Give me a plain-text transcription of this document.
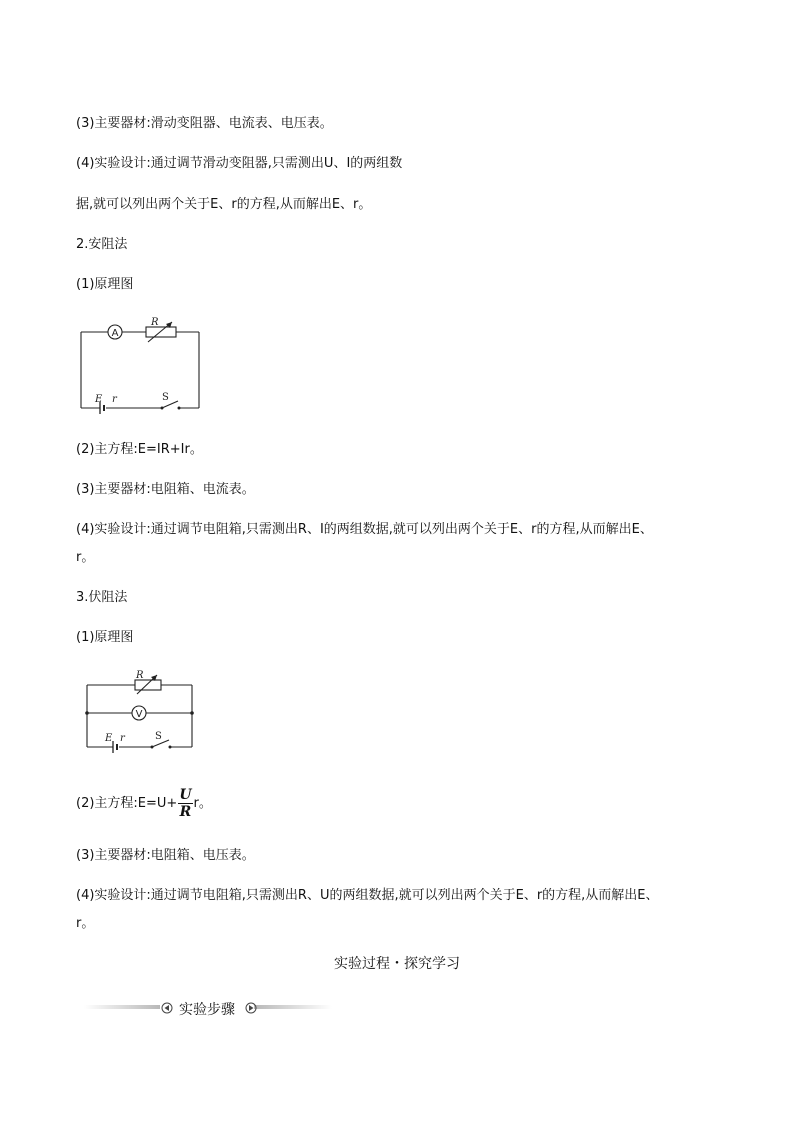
(3)主要器材:滑动变阻器、电流表、电压表。
(4)实验设计:通过调节滑动变阻器,只需测出U、I的两组数
据,就可以列出两个关于E、r的方程,从而解出E、r。
2.安阻法
(1)原理图
A
R
E r	S
(2)主方程:E=IR+Ir。
(3)主要器材:电阻箱、电流表。
(4)实验设计:通过调节电阻箱,只需测出R、I的两组数据,就可以列出两个关于E、r的方程,从而解出E、
r。
3.伏阻法
(1)原理图
V
R
E r	S
(2)主方程:E=U+ $\frac{U}{R}$ r。
(3)主要器材:电阻箱、电压表。
(4)实验设计:通过调节电阻箱,只需测出R、U的两组数据,就可以列出两个关于E、r的方程,从而解出E、
r。
实验过程・探究学习
实验步骤
